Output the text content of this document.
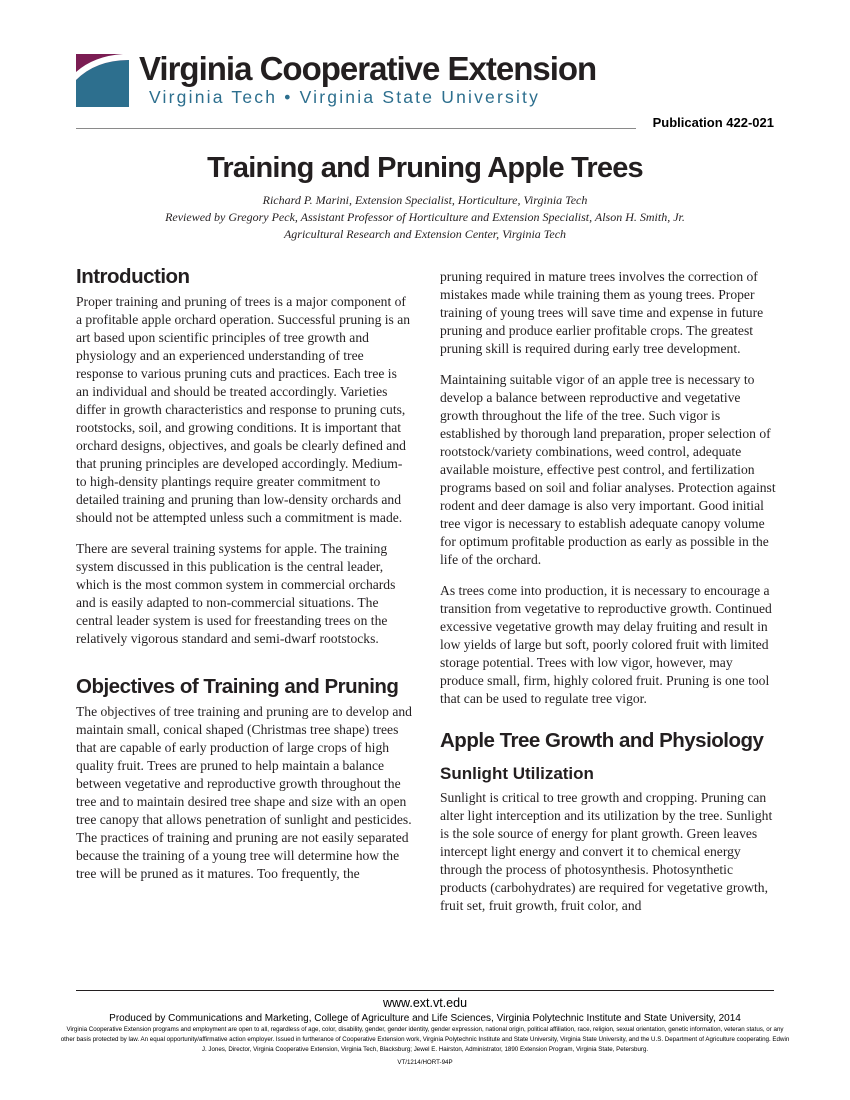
Virginia Cooperative Extension
Virginia Tech • Virginia State University
Publication 422-021
Training and Pruning Apple Trees
Richard P. Marini, Extension Specialist, Horticulture, Virginia Tech
Reviewed by Gregory Peck, Assistant Professor of Horticulture and Extension Specialist, Alson H. Smith, Jr.
Agricultural Research and Extension Center, Virginia Tech
Introduction

Proper training and pruning of trees is a major component of a profitable apple orchard operation. Successful pruning is an art based upon scientific principles of tree growth and physiology and an experienced understanding of tree response to various pruning cuts and practices. Each tree is an individual and should be treated accordingly. Varieties differ in growth characteristics and response to pruning cuts, rootstocks, soil, and growing conditions. It is important that orchard designs, objectives, and goals be clearly defined and that pruning principles are developed accordingly. Medium-to high-density plantings require greater commitment to detailed training and pruning than low-density orchards and should not be attempted unless such a commitment is made.

There are several training systems for apple. The training system discussed in this publication is the central leader, which is the most common system in commercial orchards and is easily adapted to non-commercial situations. The central leader system is used for freestanding trees on the relatively vigorous standard and semi-dwarf rootstocks.

Objectives of Training and Pruning

The objectives of tree training and pruning are to develop and maintain small, conical shaped (Christmas tree shape) trees that are capable of early production of large crops of high quality fruit. Trees are pruned to help maintain a balance between vegetative and reproductive growth throughout the tree and to maintain desired tree shape and size with an open tree canopy that allows penetration of sunlight and pesticides. The practices of training and pruning are not easily separated because the training of a young tree will determine how the tree will be pruned as it matures. Too frequently, the

pruning required in mature trees involves the correction of mistakes made while training them as young trees. Proper training of young trees will save time and expense in future pruning and produce earlier profitable crops. The greatest pruning skill is required during early tree development.

Maintaining suitable vigor of an apple tree is necessary to develop a balance between reproductive and vegetative growth throughout the life of the tree. Such vigor is established by thorough land preparation, proper selection of rootstock/variety combinations, weed control, adequate available moisture, effective pest control, and fertilization programs based on soil and foliar analyses. Protection against rodent and deer damage is also very important. Good initial tree vigor is necessary to establish adequate canopy volume for optimum profitable production as early as possible in the life of the orchard.

As trees come into production, it is necessary to encourage a transition from vegetative to reproductive growth. Continued excessive vegetative growth may delay fruiting and result in low yields of large but soft, poorly colored fruit with limited storage potential. Trees with low vigor, however, may produce small, firm, highly colored fruit. Pruning is one tool that can be used to regulate tree vigor.

Apple Tree Growth and Physiology
Sunlight Utilization

Sunlight is critical to tree growth and cropping. Pruning can alter light interception and its utilization by the tree. Sunlight is the sole source of energy for plant growth. Green leaves intercept light energy and convert it to chemical energy through the process of photosynthesis. Photosynthetic products (carbohydrates) are required for vegetative growth, fruit set, fruit growth, fruit color, and

www.ext.vt.edu
Produced by Communications and Marketing, College of Agriculture and Life Sciences, Virginia Polytechnic Institute and State University, 2014
Virginia Cooperative Extension programs and employment are open to all, regardless of age, color, disability, gender, gender identity, gender expression, national origin, political affiliation, race, religion, sexual orientation, genetic information, veteran status, or any other basis protected by law. An equal opportunity/affirmative action employer. Issued in furtherance of Cooperative Extension work, Virginia Polytechnic Institute and State University, Virginia State University, and the U.S. Department of Agriculture cooperating. Edwin J. Jones, Director, Virginia Cooperative Extension, Virginia Tech, Blacksburg; Jewel E. Hairston, Administrator, 1890 Extension Program, Virginia State, Petersburg.
VT/1214/HORT-94P
